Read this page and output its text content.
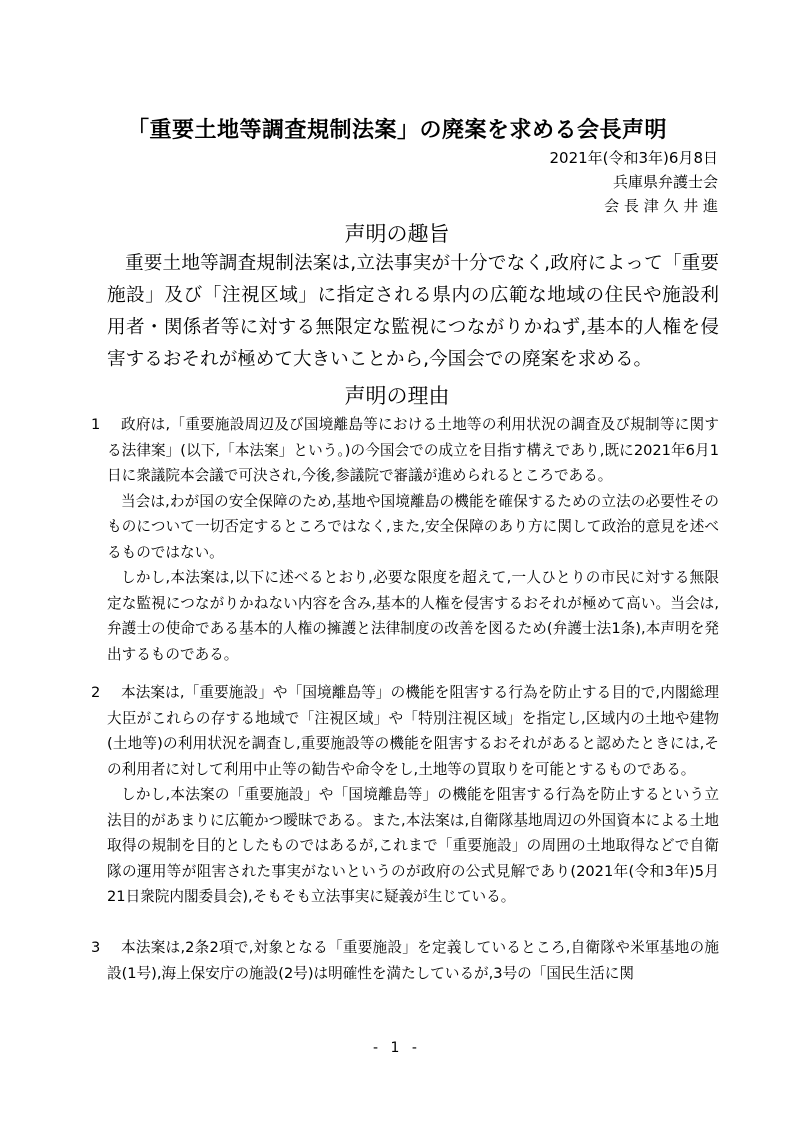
「重要土地等調査規制法案」の廃案を求める会長声明
2021年(令和3年)6月8日
兵庫県弁護士会
会 長 津 久 井 進
声明の趣旨

重要土地等調査規制法案は,立法事実が十分でなく,政府によって「重要施設」及び「注視区域」に指定される県内の広範な地域の住民や施設利用者・関係者等に対する無限定な監視につながりかねず,基本的人権を侵害するおそれが極めて大きいことから,今国会での廃案を求める。

声明の理由
1	政府は,「重要施設周辺及び国境離島等における土地等の利用状況の調査及び規制等に関する法律案」(以下,「本法案」という。)の今国会での成立を目指す構えであり,既に2021年6月1日に衆議院本会議で可決され,今後,参議院で審議が進められるところである。

当会は,わが国の安全保障のため,基地や国境離島の機能を確保するための立法の必要性そのものについて一切否定するところではなく,また,安全保障のあり方に関して政治的意見を述べるものではない。

しかし,本法案は,以下に述べるとおり,必要な限度を超えて,一人ひとりの市民に対する無限定な監視につながりかねない内容を含み,基本的人権を侵害するおそれが極めて高い。当会は,弁護士の使命である基本的人権の擁護と法律制度の改善を図るため(弁護士法1条),本声明を発出するものである。

2	本法案は,「重要施設」や「国境離島等」の機能を阻害する行為を防止する目的で,内閣総理大臣がこれらの存する地域で「注視区域」や「特別注視区域」を指定し,区域内の土地や建物(土地等)の利用状況を調査し,重要施設等の機能を阻害するおそれがあると認めたときには,その利用者に対して利用中止等の勧告や命令をし,土地等の買取りを可能とするものである。

しかし,本法案の「重要施設」や「国境離島等」の機能を阻害する行為を防止するという立法目的があまりに広範かつ曖昧である。また,本法案は,自衛隊基地周辺の外国資本による土地取得の規制を目的としたものではあるが,これまで「重要施設」の周囲の土地取得などで自衛隊の運用等が阻害された事実がないというのが政府の公式見解であり(2021年(令和3年)5月21日衆院内閣委員会),そもそも立法事実に疑義が生じている。

3	本法案は,2条2項で,対象となる「重要施設」を定義しているところ,自衛隊や米軍基地の施設(1号),海上保安庁の施設(2号)は明確性を満たしているが,3号の「国民生活に関

- 1 -
